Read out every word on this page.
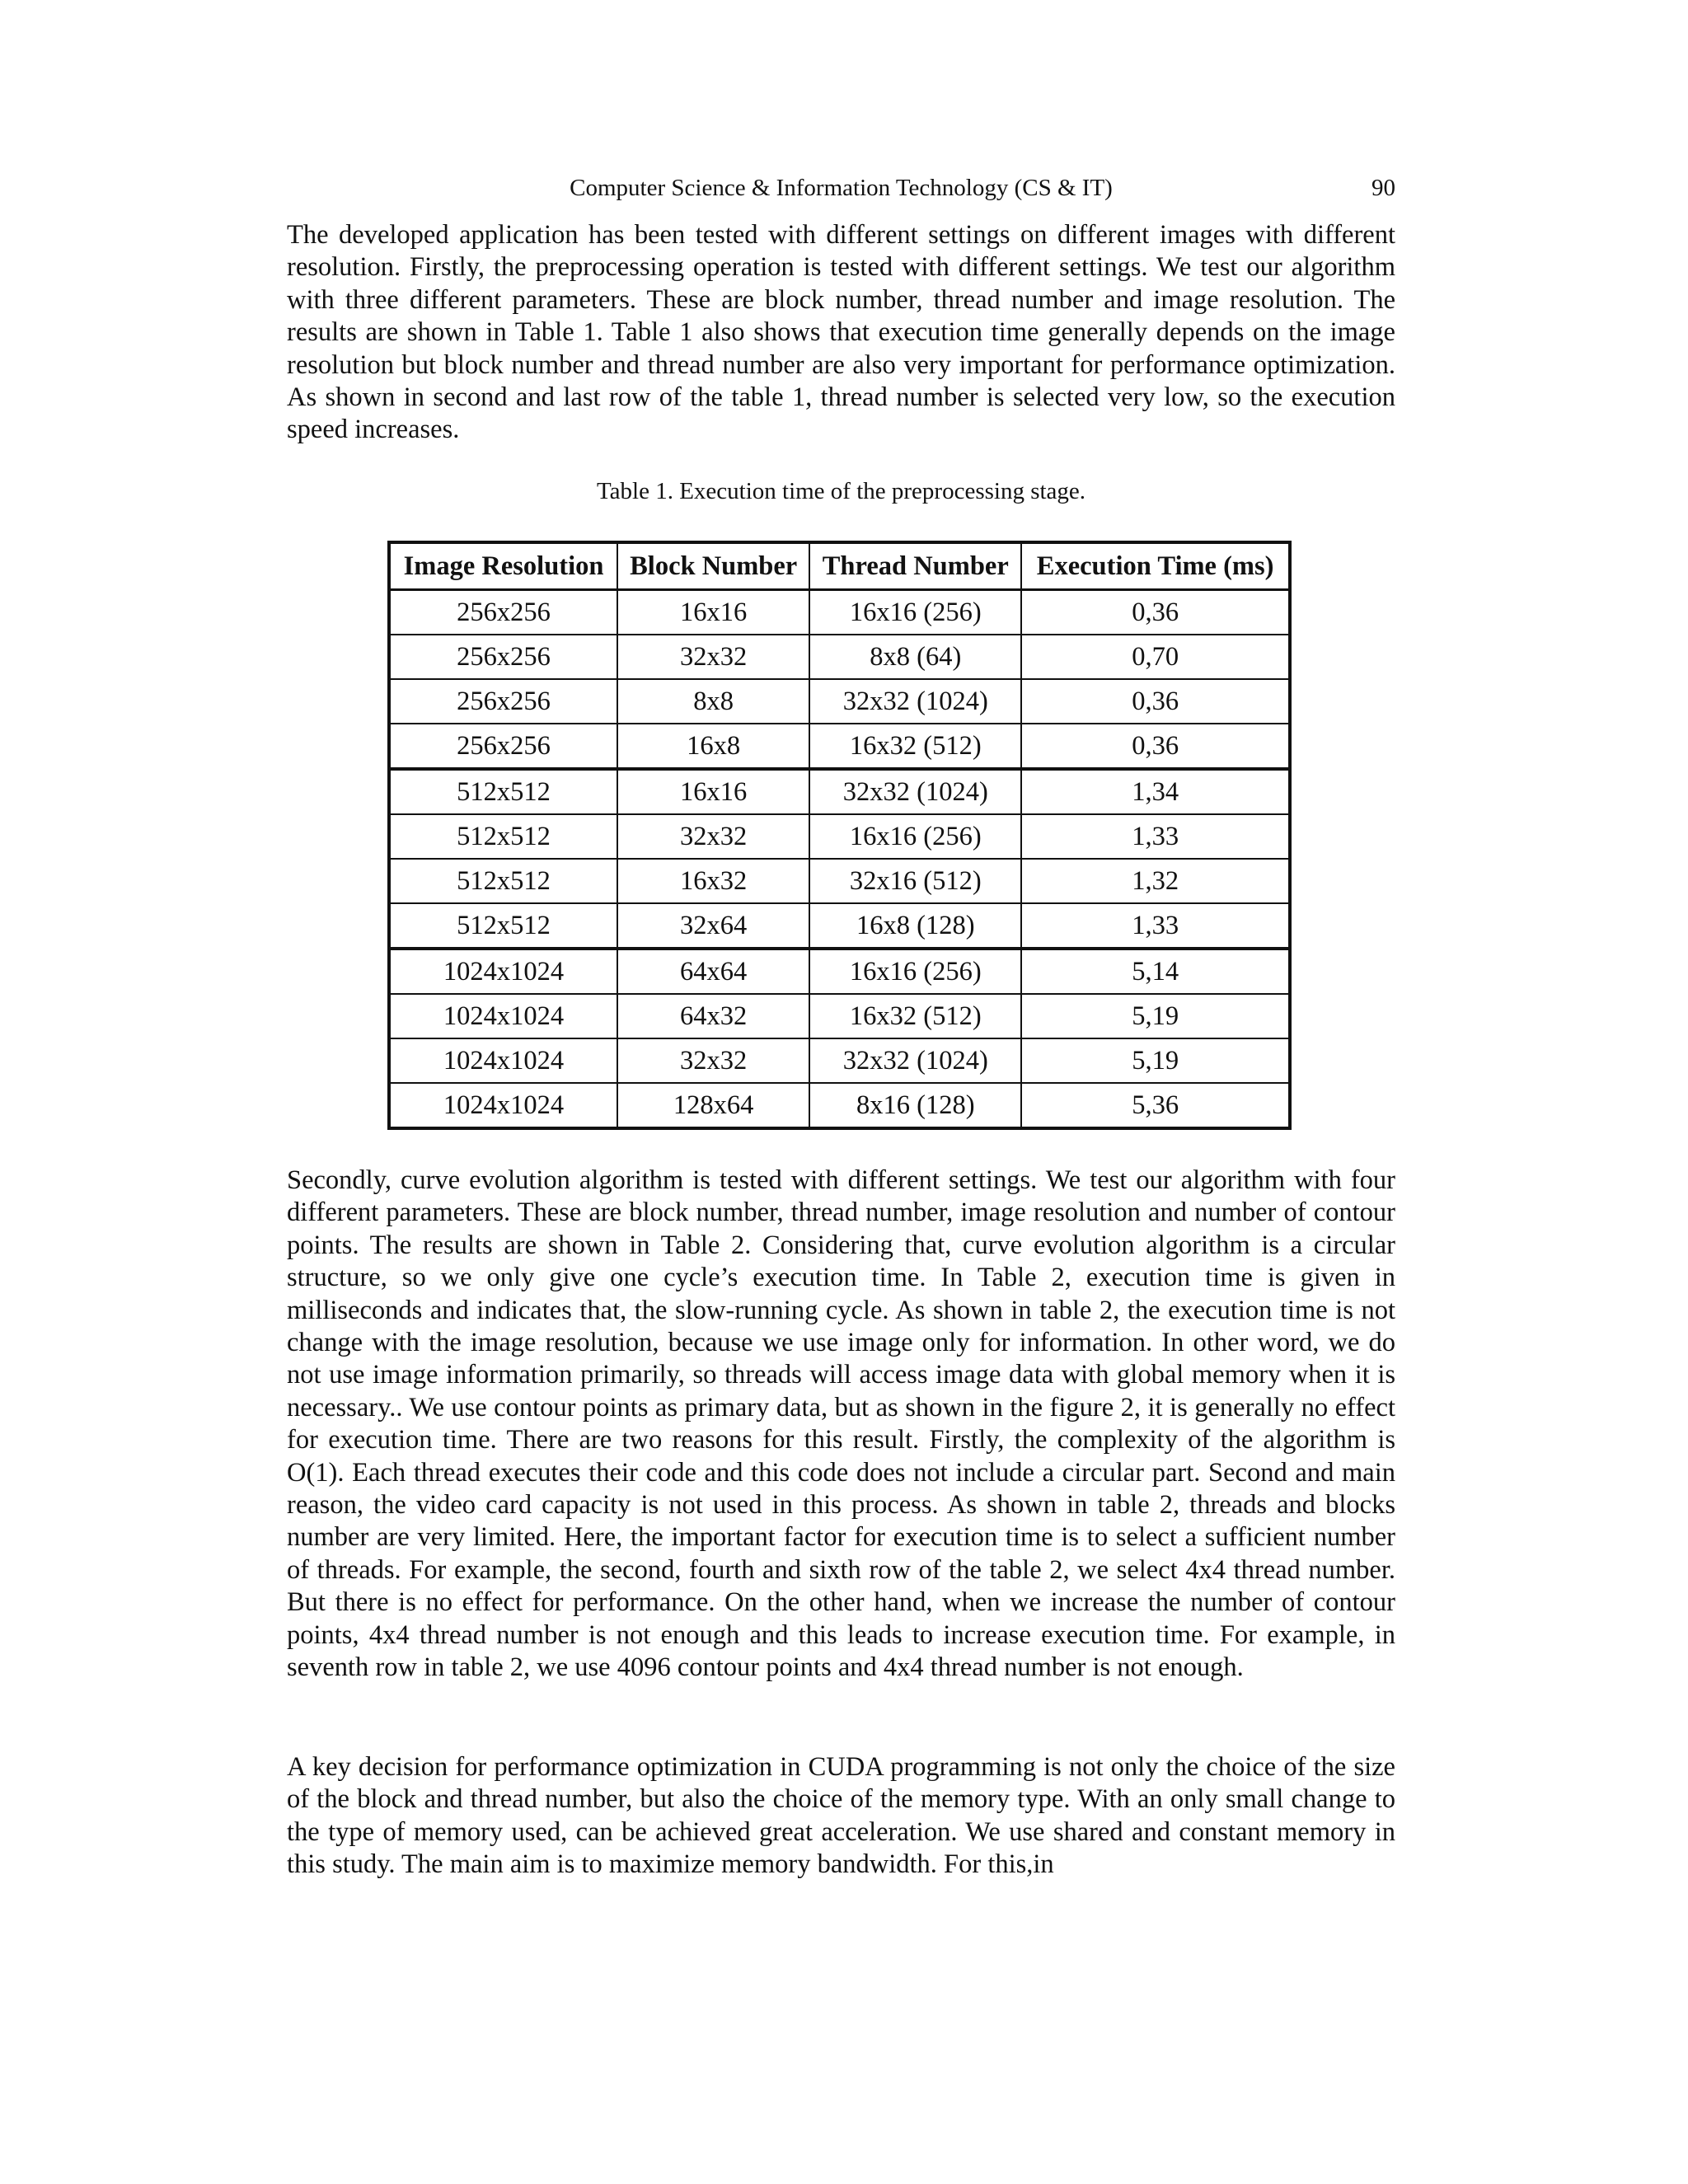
Computer Science & Information Technology (CS & IT)	90

The developed application has been tested with different settings on different images with different resolution. Firstly, the preprocessing operation is tested with different settings. We test our algorithm with three different parameters. These are block number, thread number and image resolution. The results are shown in Table 1. Table 1 also shows that execution time generally depends on the image resolution but block number and thread number are also very important for performance optimization. As shown in second and last row of the table 1, thread number is selected very low, so the execution speed increases.

Table 1. Execution time of the preprocessing stage.
Image Resolution	Block Number	Thread Number	Execution Time (ms)
256x256	16x16	16x16 (256)	0,36
256x256	32x32	8x8 (64)	0,70
256x256	8x8	32x32 (1024)	0,36
256x256	16x8	16x32 (512)	0,36
512x512	16x16	32x32 (1024)	1,34
512x512	32x32	16x16 (256)	1,33
512x512	16x32	32x16 (512)	1,32
512x512	32x64	16x8 (128)	1,33
1024x1024	64x64	16x16 (256)	5,14
1024x1024	64x32	16x32 (512)	5,19
1024x1024	32x32	32x32 (1024)	5,19
1024x1024	128x64	8x16 (128)	5,36

Secondly, curve evolution algorithm is tested with different settings. We test our algorithm with four different parameters. These are block number, thread number, image resolution and number of contour points. The results are shown in Table 2. Considering that, curve evolution algorithm is a circular structure, so we only give one cycle’s execution time. In Table 2, execution time is given in milliseconds and indicates that, the slow-running cycle. As shown in table 2, the execution time is not change with the image resolution, because we use image only for information. In other word, we do not use image information primarily, so threads will access image data with global memory when it is necessary.. We use contour points as primary data, but as shown in the figure 2, it is generally no effect for execution time. There are two reasons for this result. Firstly, the complexity of the algorithm is O(1). Each thread executes their code and this code does not include a circular part. Second and main reason, the video card capacity is not used in this process. As shown in table 2, threads and blocks number are very limited. Here, the important factor for execution time is to select a sufficient number of threads. For example, the second, fourth and sixth row of the table 2, we select 4x4 thread number. But there is no effect for performance. On the other hand, when we increase the number of contour points, 4x4 thread number is not enough and this leads to increase execution time. For example, in seventh row in table 2, we use 4096 contour points and 4x4 thread number is not enough.

A key decision for performance optimization in CUDA programming is not only the choice of the size of the block and thread number, but also the choice of the memory type. With an only small change to the type of memory used, can be achieved great acceleration. We use shared and constant memory in this study. The main aim is to maximize memory bandwidth. For this,in
